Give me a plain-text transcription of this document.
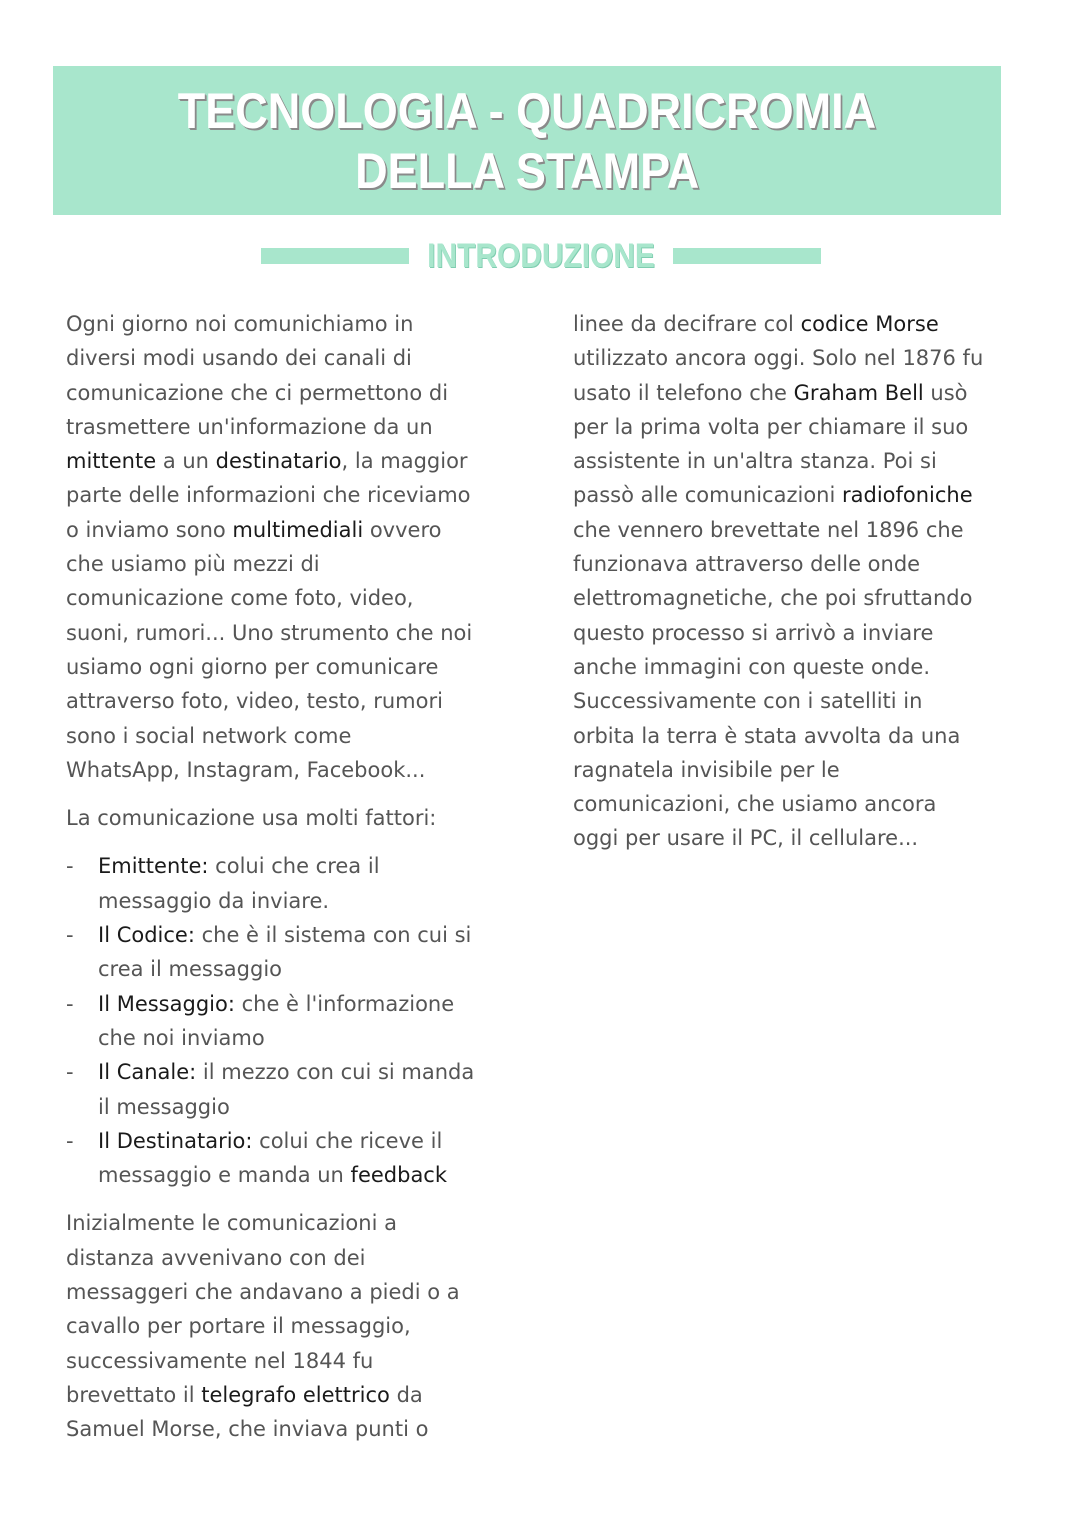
TECNOLOGIA - QUADRICROMIA
DELLA STAMPA
INTRODUZIONE

Ogni giorno noi comunichiamo in
diversi modi usando dei canali di
comunicazione che ci permettono di
trasmettere un'informazione da un
mittente a un destinatario, la maggior
parte delle informazioni che riceviamo
o inviamo sono multimediali ovvero
che usiamo più mezzi di
comunicazione come foto, video,
suoni, rumori... Uno strumento che noi
usiamo ogni giorno per comunicare
attraverso foto, video, testo, rumori
sono i social network come
WhatsApp, Instagram, Facebook...

La comunicazione usa molti fattori:

- Emittente: colui che crea il
messaggio da inviare.
- Il Codice: che è il sistema con cui si
crea il messaggio
- Il Messaggio: che è l'informazione
che noi inviamo
- Il Canale: il mezzo con cui si manda
il messaggio
- Il Destinatario: colui che riceve il
messaggio e manda un feedback

Inizialmente le comunicazioni a
distanza avvenivano con dei
messaggeri che andavano a piedi o a
cavallo per portare il messaggio,
successivamente nel 1844 fu
brevettato il telegrafo elettrico da
Samuel Morse, che inviava punti o

linee da decifrare col codice Morse
utilizzato ancora oggi. Solo nel 1876 fu
usato il telefono che Graham Bell usò
per la prima volta per chiamare il suo
assistente in un'altra stanza. Poi si
passò alle comunicazioni radiofoniche
che vennero brevettate nel 1896 che
funzionava attraverso delle onde
elettromagnetiche, che poi sfruttando
questo processo si arrivò a inviare
anche immagini con queste onde.
Successivamente con i satelliti in
orbita la terra è stata avvolta da una
ragnatela invisibile per le
comunicazioni, che usiamo ancora
oggi per usare il PC, il cellulare...
